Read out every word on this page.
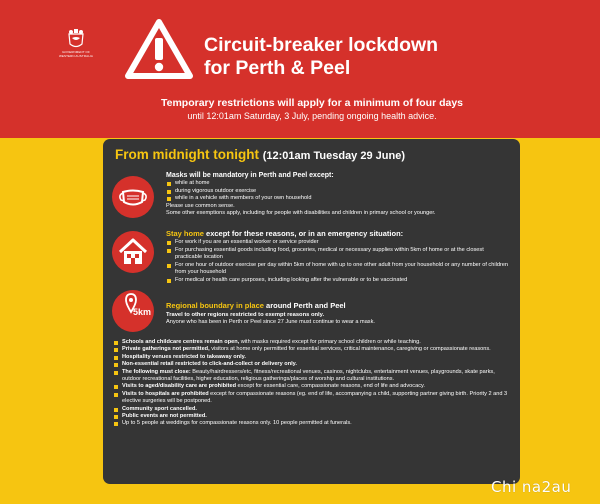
GOVERNMENT OF WESTERN AUSTRALIA	Circuit-breaker lockdown
for Perth & Peel
Temporary restrictions will apply for a minimum of four days
until 12:01am Saturday, 3 July, pending ongoing health advice.
From midnight tonight (12:01am Tuesday 29 June)
Masks will be mandatory in Perth and Peel except:
while at home
during vigorous outdoor exercise
while in a vehicle with members of your own household
Please use common sense.
Some other exemptions apply, including for people with disabilities and children in primary school or younger.
Stay home except for these reasons, or in an emergency situation:
For work if you are an essential worker or service provider
For purchasing essential goods including food, groceries, medical or necessary supplies within 5km of home or at the closest practicable location
For one hour of outdoor exercise per day within 5km of home with up to one other adult from your household or any number of children from your household
For medical or health care purposes, including looking after the vulnerable or to be vaccinated
5km
Regional boundary in place around Perth and Peel
Travel to other regions restricted to exempt reasons only.
Anyone who has been in Perth or Peel since 27 June must continue to wear a mask.
Schools and childcare centres remain open, with masks required except for primary school children or while teaching.
Private gatherings not permitted, visitors at home only permitted for essential services, critical maintenance, caregiving or compassionate reasons.
Hospitality venues restricted to takeaway only.
Non-essential retail restricted to click-and-collect or delivery only.
The following must close: Beauty/hairdressers/etc, fitness/recreational venues, casinos, nightclubs, entertainment venues, playgrounds, skate parks, outdoor recreational facilities, higher education, religious gatherings/places of worship and cultural institutions.
Visits to aged/disability care are prohibited except for essential care, compassionate reasons, end of life and advocacy.
Visits to hospitals are prohibited except for compassionate reasons (eg. end of life, accompanying a child, supporting partner giving birth. Priority 2 and 3 elective surgeries will be postponed.
Community sport cancelled.
Public events are not permitted.
Up to 5 people at weddings for compassionate reasons only. 10 people permitted at funerals.
Chi na2au
